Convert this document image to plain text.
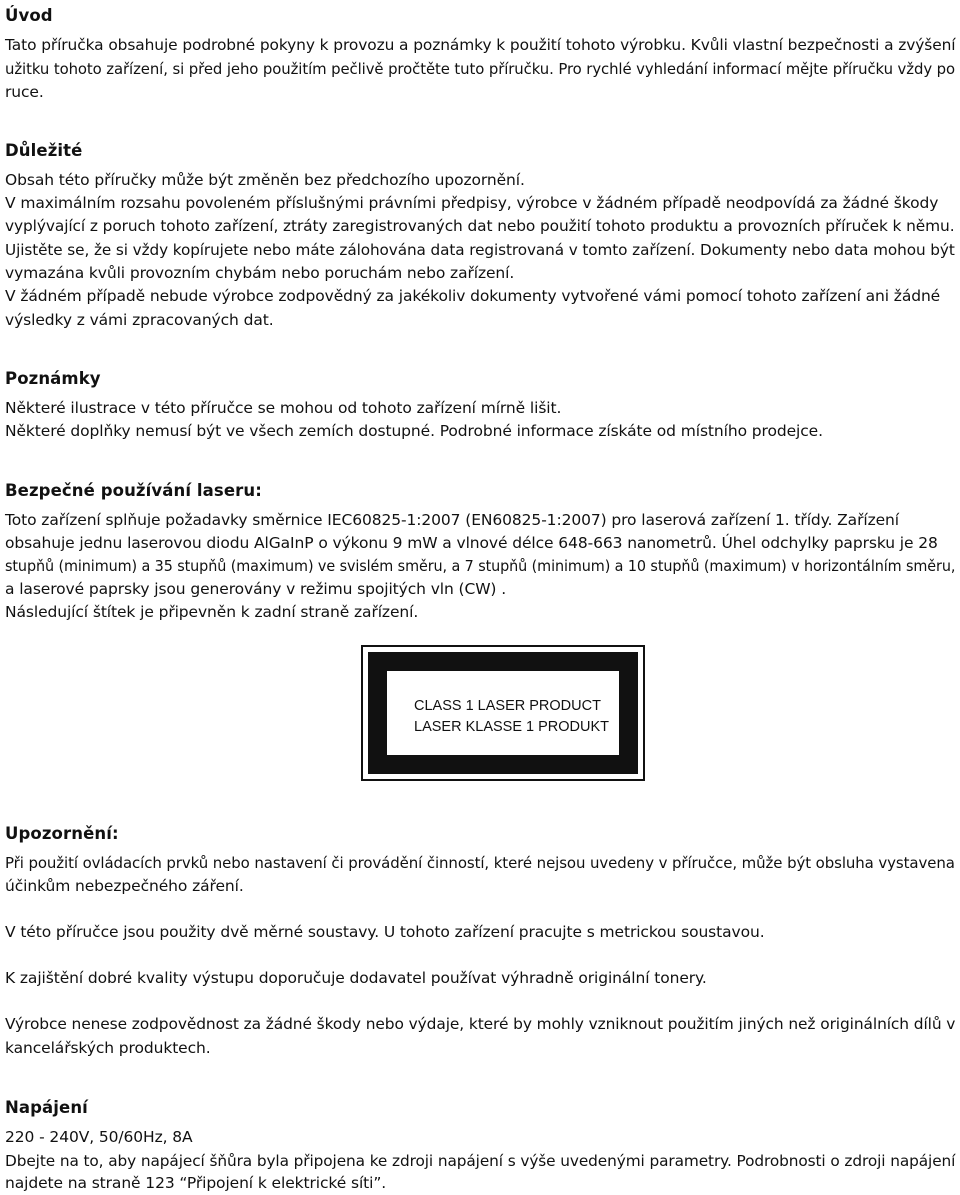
Úvod
Tato příručka obsahuje podrobné pokyny k provozu a poznámky k použití tohoto výrobku. Kvůli vlastní bezpečnosti a zvýšení
užitku tohoto zařízení, si před jeho použitím pečlivě pročtěte tuto příručku. Pro rychlé vyhledání informací mějte příručku vždy po
ruce.
Důležité
Obsah této příručky může být změněn bez předchozího upozornění.
V maximálním rozsahu povoleném příslušnými právními předpisy, výrobce v žádném případě neodpovídá za žádné škody
vyplývající z poruch tohoto zařízení, ztráty zaregistrovaných dat nebo použití tohoto produktu a provozních příruček k němu.
Ujistěte se, že si vždy kopírujete nebo máte zálohována data registrovaná v tomto zařízení. Dokumenty nebo data mohou být
vymazána kvůli provozním chybám nebo poruchám nebo zařízení.
V žádném případě nebude výrobce zodpovědný za jakékoliv dokumenty vytvořené vámi pomocí tohoto zařízení ani žádné
výsledky z vámi zpracovaných dat.
Poznámky
Některé ilustrace v této příručce se mohou od tohoto zařízení mírně lišit.
Některé doplňky nemusí být ve všech zemích dostupné. Podrobné informace získáte od místního prodejce.
Bezpečné používání laseru:
Toto zařízení splňuje požadavky směrnice IEC60825-1:2007 (EN60825-1:2007) pro laserová zařízení 1. třídy. Zařízení
obsahuje jednu laserovou diodu AlGaInP o výkonu 9 mW a vlnové délce 648-663 nanometrů. Úhel odchylky paprsku je 28
stupňů (minimum) a 35 stupňů (maximum) ve svislém směru, a 7 stupňů (minimum) a 10 stupňů (maximum) v horizontálním směru,
a laserové paprsky jsou generovány v režimu spojitých vln (CW) .
Následující štítek je připevněn k zadní straně zařízení.
CLASS 1 LASER PRODUCT
LASER KLASSE 1 PRODUKT
Upozornění:
Při použití ovládacích prvků nebo nastavení či provádění činností, které nejsou uvedeny v příručce, může být obsluha vystavena
účinkům nebezpečného záření.
V této příručce jsou použity dvě měrné soustavy. U tohoto zařízení pracujte s metrickou soustavou.
K zajištění dobré kvality výstupu doporučuje dodavatel používat výhradně originální tonery.
Výrobce nenese zodpovědnost za žádné škody nebo výdaje, které by mohly vzniknout použitím jiných než originálních dílů v
kancelářských produktech.
Napájení
220 - 240V, 50/60Hz, 8A
Dbejte na to, aby napájecí šňůra byla připojena ke zdroji napájení s výše uvedenými parametry. Podrobnosti o zdroji napájení
najdete na straně 123 “Připojení k elektrické síti”.
